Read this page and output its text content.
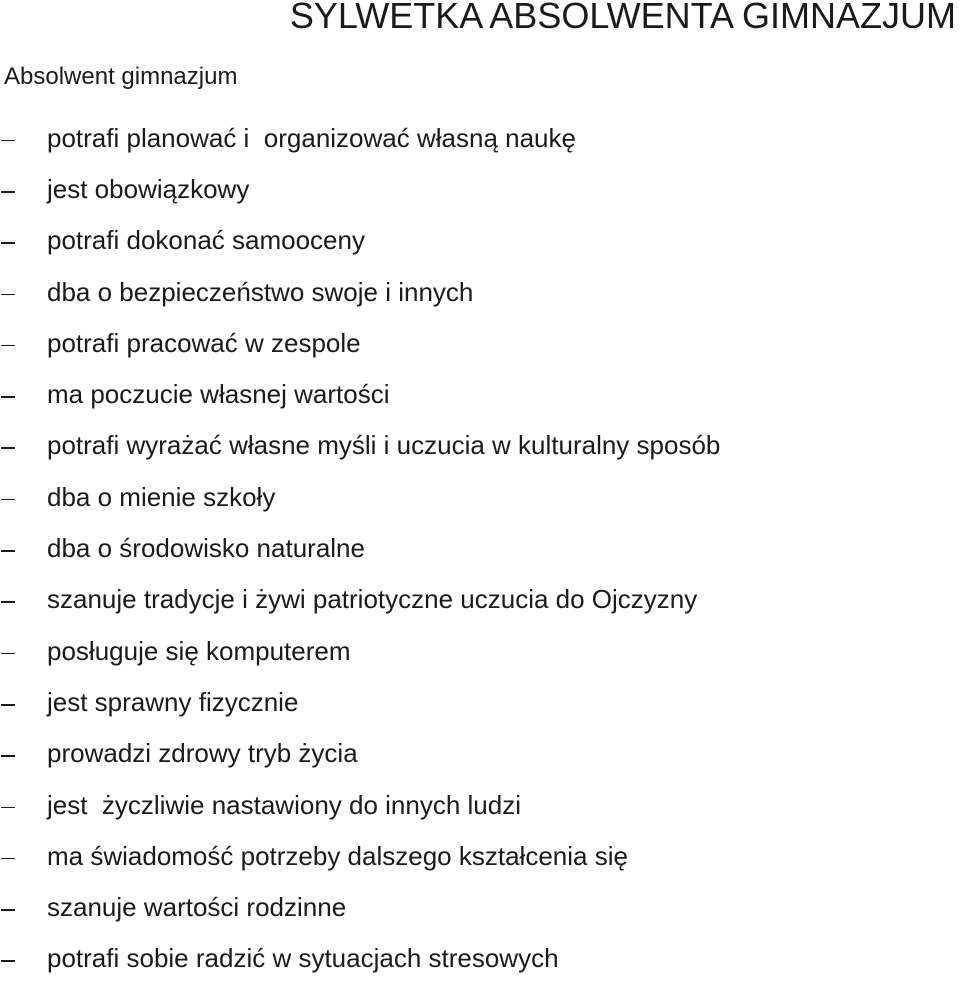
SYLWETKA ABSOLWENTA GIMNAZJUM

Absolwent gimnazjum

potrafi planować i  organizować własną naukę
jest obowiązkowy
potrafi dokonać samooceny
dba o bezpieczeństwo swoje i innych
potrafi pracować w zespole
ma poczucie własnej wartości
potrafi wyrażać własne myśli i uczucia w kulturalny sposób
dba o mienie szkoły
dba o środowisko naturalne
szanuje tradycje i żywi patriotyczne uczucia do Ojczyzny
posługuje się komputerem
jest sprawny fizycznie
prowadzi zdrowy tryb życia
jest  życzliwie nastawiony do innych ludzi
ma świadomość potrzeby dalszego kształcenia się
szanuje wartości rodzinne
potrafi sobie radzić w sytuacjach stresowych
